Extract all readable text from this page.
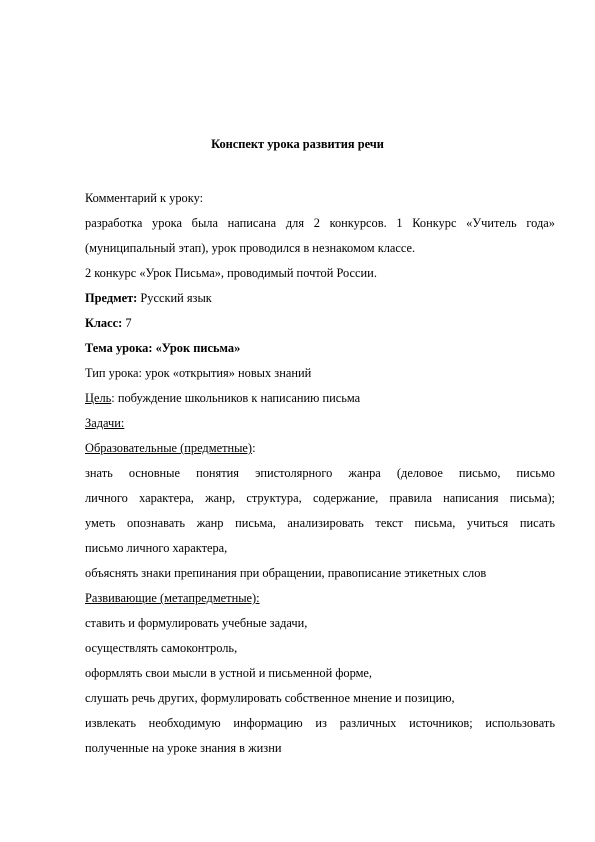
Конспект урока развития речи
Комментарий к уроку:
разработка урока была написана для 2 конкурсов. 1 Конкурс «Учитель года»
(муниципальный этап), урок проводился в незнакомом классе.
2 конкурс «Урок Письма», проводимый почтой России.
Предмет: Русский язык
Класс: 7
Тема урока: «Урок письма»
Тип урока: урок «открытия» новых знаний
Цель: побуждение школьников к написанию письма
Задачи:
Образовательные (предметные):
знать основные понятия эпистолярного жанра (деловое письмо, письмо
личного характера, жанр, структура, содержание, правила написания письма);
уметь опознавать жанр письма, анализировать текст письма, учиться писать
письмо личного характера,
объяснять знаки препинания при обращении, правописание этикетных слов
Развивающие (метапредметные):
ставить и формулировать учебные задачи,
осуществлять самоконтроль,
оформлять свои мысли в устной и письменной форме,
слушать речь других, формулировать собственное мнение и позицию,
извлекать необходимую информацию из различных источников; использовать
полученные на уроке знания в жизни
